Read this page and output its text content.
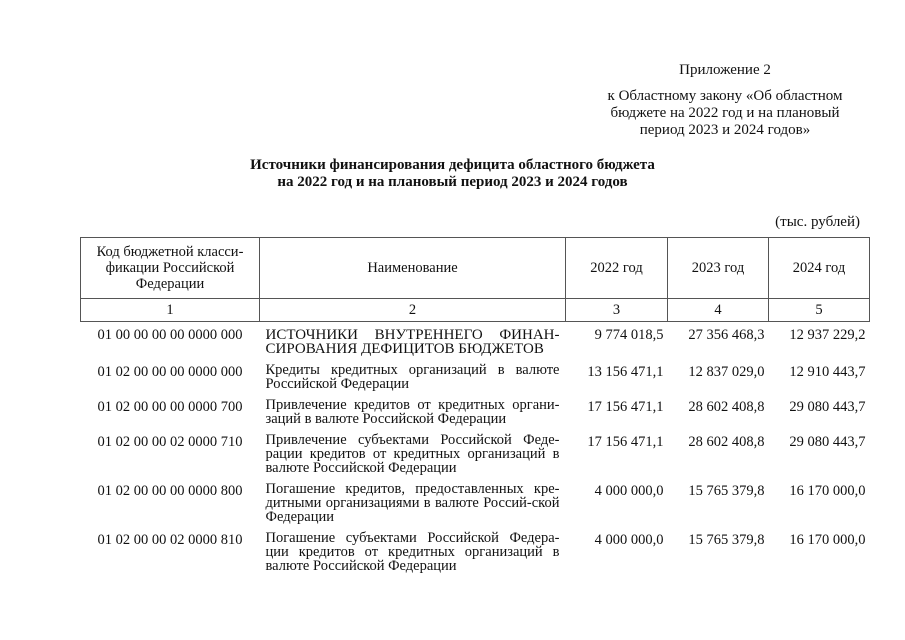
Приложение 2
к Областному закону «Об областном бюджете на 2022 год и на плановый период 2023 и 2024 годов»
Источники финансирования дефицита областного бюджета
на 2022 год и на плановый период 2023 и 2024 годов
(тыс. рублей)
Код бюджетной класси-фикации Российской Федерации	Наименование	2022 год	2023 год	2024 год
1	2	3	4	5
01 00 00 00 00 0000 000	ИСТОЧНИКИ ВНУТРЕННЕГО ФИНАН-СИРОВАНИЯ ДЕФИЦИТОВ БЮДЖЕТОВ	9 774 018,5	27 356 468,3	12 937 229,2
01 02 00 00 00 0000 000	Кредиты кредитных организаций в валюте Российской Федерации	13 156 471,1	12 837 029,0	12 910 443,7
01 02 00 00 00 0000 700	Привлечение кредитов от кредитных органи-заций в валюте Российской Федерации	17 156 471,1	28 602 408,8	29 080 443,7
01 02 00 00 02 0000 710	Привлечение субъектами Российской Феде-рации кредитов от кредитных организаций в валюте Российской Федерации	17 156 471,1	28 602 408,8	29 080 443,7
01 02 00 00 00 0000 800	Погашение кредитов, предоставленных кре-дитными организациями в валюте Россий-ской Федерации	4 000 000,0	15 765 379,8	16 170 000,0
01 02 00 00 02 0000 810	Погашение субъектами Российской Федера-ции кредитов от кредитных организаций в валюте Российской Федерации	4 000 000,0	15 765 379,8	16 170 000,0
